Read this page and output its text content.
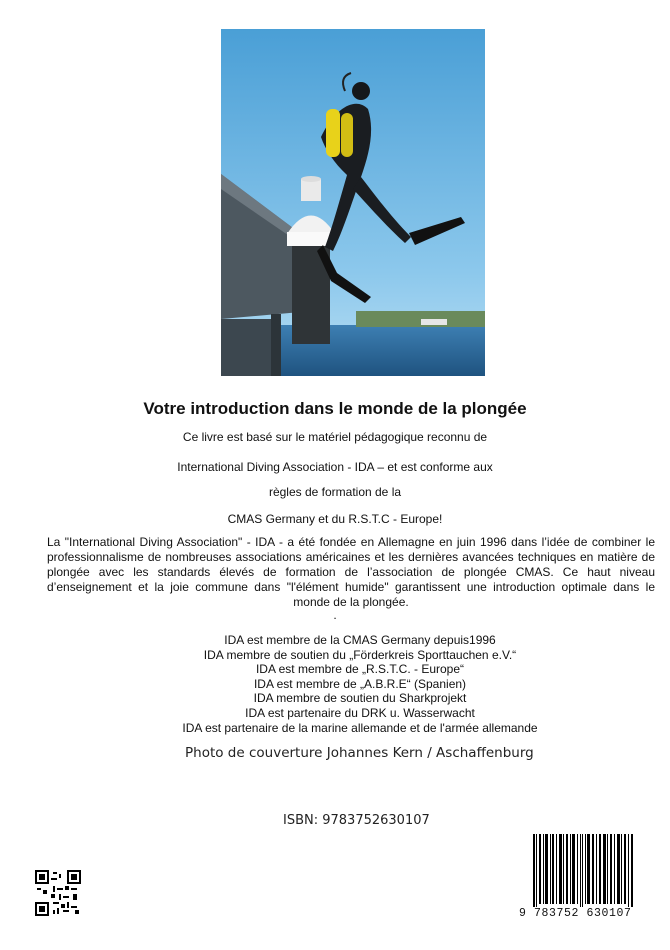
Votre introduction dans le monde de la plongée
Ce livre est basé sur le matériel pédagogique reconnu de
International Diving Association - IDA – et est conforme aux
règles de formation de la
CMAS Germany et du R.S.T.C - Europe!
La "International Diving Association" - IDA - a été fondée en Allemagne en juin 1996 dans l’idée de combiner le professionnalisme de nombreuses associations américaines et les dernières avancées techniques en matière de plongée avec les standards élevés de formation de l’association de plongée CMAS. Ce haut niveau d’enseignement et la joie commune dans "l'élément humide" garantissent une introduction optimale dans le monde de la plongée.
.
IDA est membre de la CMAS Germany depuis1996
IDA membre de soutien du „Förderkreis Sporttauchen e.V.“
IDA est membre de „R.S.T.C. - Europe“
IDA est membre de „A.B.R.E“ (Spanien)
IDA membre de soutien du Sharkprojekt
IDA est partenaire du DRK u. Wasserwacht
IDA est partenaire de la marine allemande et de l'armée allemande
Photo de couverture Johannes Kern / Aschaffenburg
ISBN: 9783752630107
9 783752 630107
